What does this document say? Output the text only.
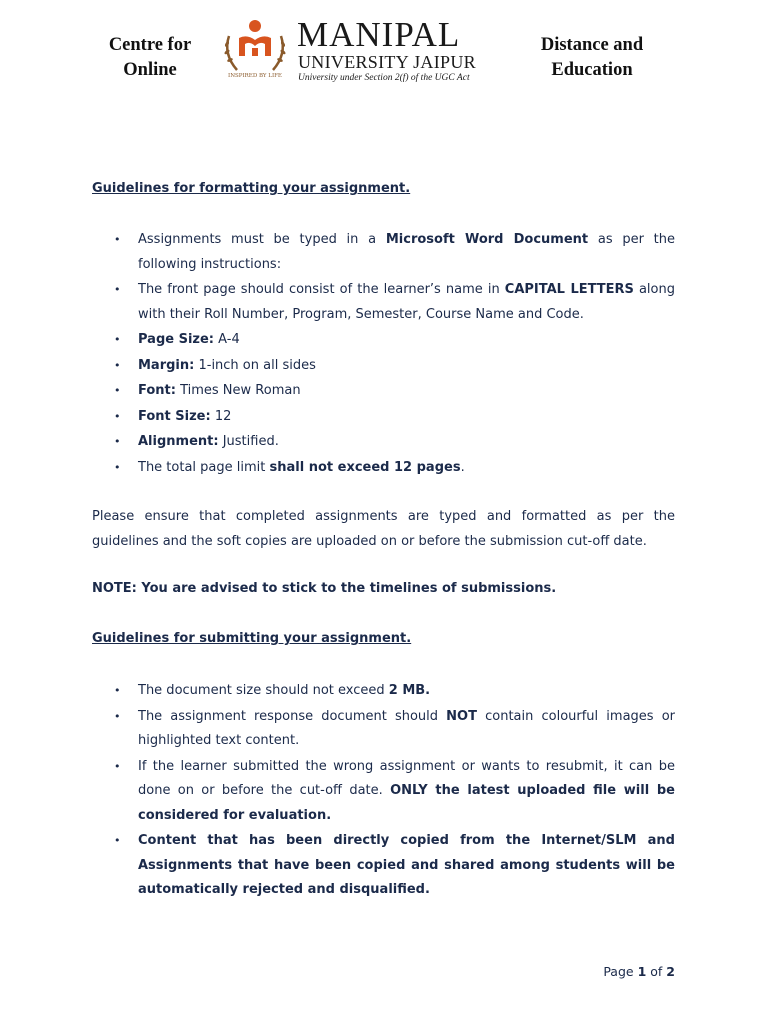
Centre for
Online	INSPIRED BY LIFE
MANIPAL
UNIVERSITY JAIPUR
University under Section 2(f) of the UGC Act
Distance and
Education
Guidelines for formatting your assignment.
• Assignments must be typed in a Microsoft Word Document as per the following instructions:
• The front page should consist of the learner’s name in CAPITAL LETTERS along with their Roll Number, Program, Semester, Course Name and Code.
• Page Size: A-4
• Margin: 1-inch on all sides
• Font: Times New Roman
• Font Size: 12
• Alignment: Justified.
• The total page limit shall not exceed 12 pages.
Please ensure that completed assignments are typed and formatted as per the guidelines and the soft copies are uploaded on or before the submission cut-off date.
NOTE: You are advised to stick to the timelines of submissions.
Guidelines for submitting your assignment.
• The document size should not exceed 2 MB.
• The assignment response document should NOT contain colourful images or highlighted text content.
• If the learner submitted the wrong assignment or wants to resubmit, it can be done on or before the cut-off date. ONLY the latest uploaded file will be considered for evaluation.
• Content that has been directly copied from the Internet/SLM and Assignments that have been copied and shared among students will be automatically rejected and disqualified.
Page 1 of 2
